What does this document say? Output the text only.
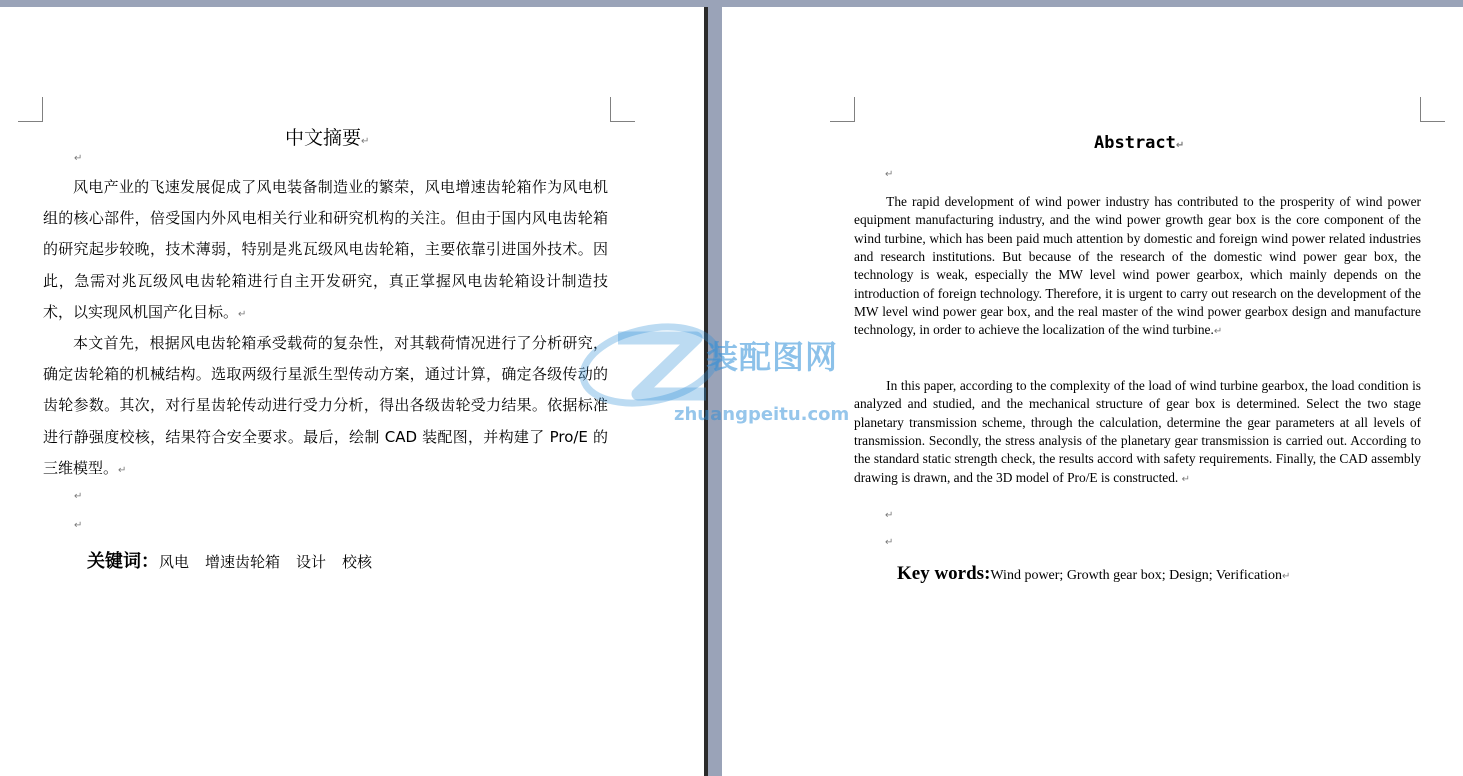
中文摘要↵
↵

风电产业的飞速发展促成了风电装备制造业的繁荣，风电增速齿轮箱作为风电机组的核心部件，倍受国内外风电相关行业和研究机构的关注。但由于国内风电齿轮箱的研究起步较晚，技术薄弱，特别是兆瓦级风电齿轮箱，主要依靠引进国外技术。因此，急需对兆瓦级风电齿轮箱进行自主开发研究，真正掌握风电齿轮箱设计制造技术，以实现风机国产化目标。↵

本文首先，根据风电齿轮箱承受载荷的复杂性，对其载荷情况进行了分析研究，确定齿轮箱的机械结构。选取两级行星派生型传动方案，通过计算，确定各级传动的齿轮参数。其次，对行星齿轮传动进行受力分析，得出各级齿轮受力结果。依据标准进行静强度校核，结果符合安全要求。最后，绘制 CAD 装配图，并构建了 Pro/E 的三维模型。↵

↵
↵
关键词：风电 增速齿轮箱 设计 校核
Abstract↵
↵

The rapid development of wind power industry has contributed to the prosperity of wind power equipment manufacturing industry, and the wind power growth gear box is the core component of the wind turbine, which has been paid much attention by domestic and foreign wind power related industries and research institutions. But because of the research of the domestic wind power gear box, the technology is weak, especially the MW level wind power gearbox, which mainly depends on the introduction of foreign technology. Therefore, it is urgent to carry out research on the development of the MW level wind power gear box, and the real master of the wind power gearbox design and manufacture technology, in order to achieve the localization of the wind turbine.↵

In this paper, according to the complexity of the load of wind turbine gearbox, the load condition is analyzed and studied, and the mechanical structure of gear box is determined. Select the two stage planetary transmission scheme, through the calculation, determine the gear parameters at all levels of transmission. Secondly, the stress analysis of the planetary gear transmission is carried out. According to the standard static strength check, the results accord with safety requirements. Finally, the CAD assembly drawing is drawn, and the 3D model of Pro/E is constructed. ↵

↵
↵
Key words:Wind power; Growth gear box; Design; Verification↵
装配图网
zhuangpeitu.com
